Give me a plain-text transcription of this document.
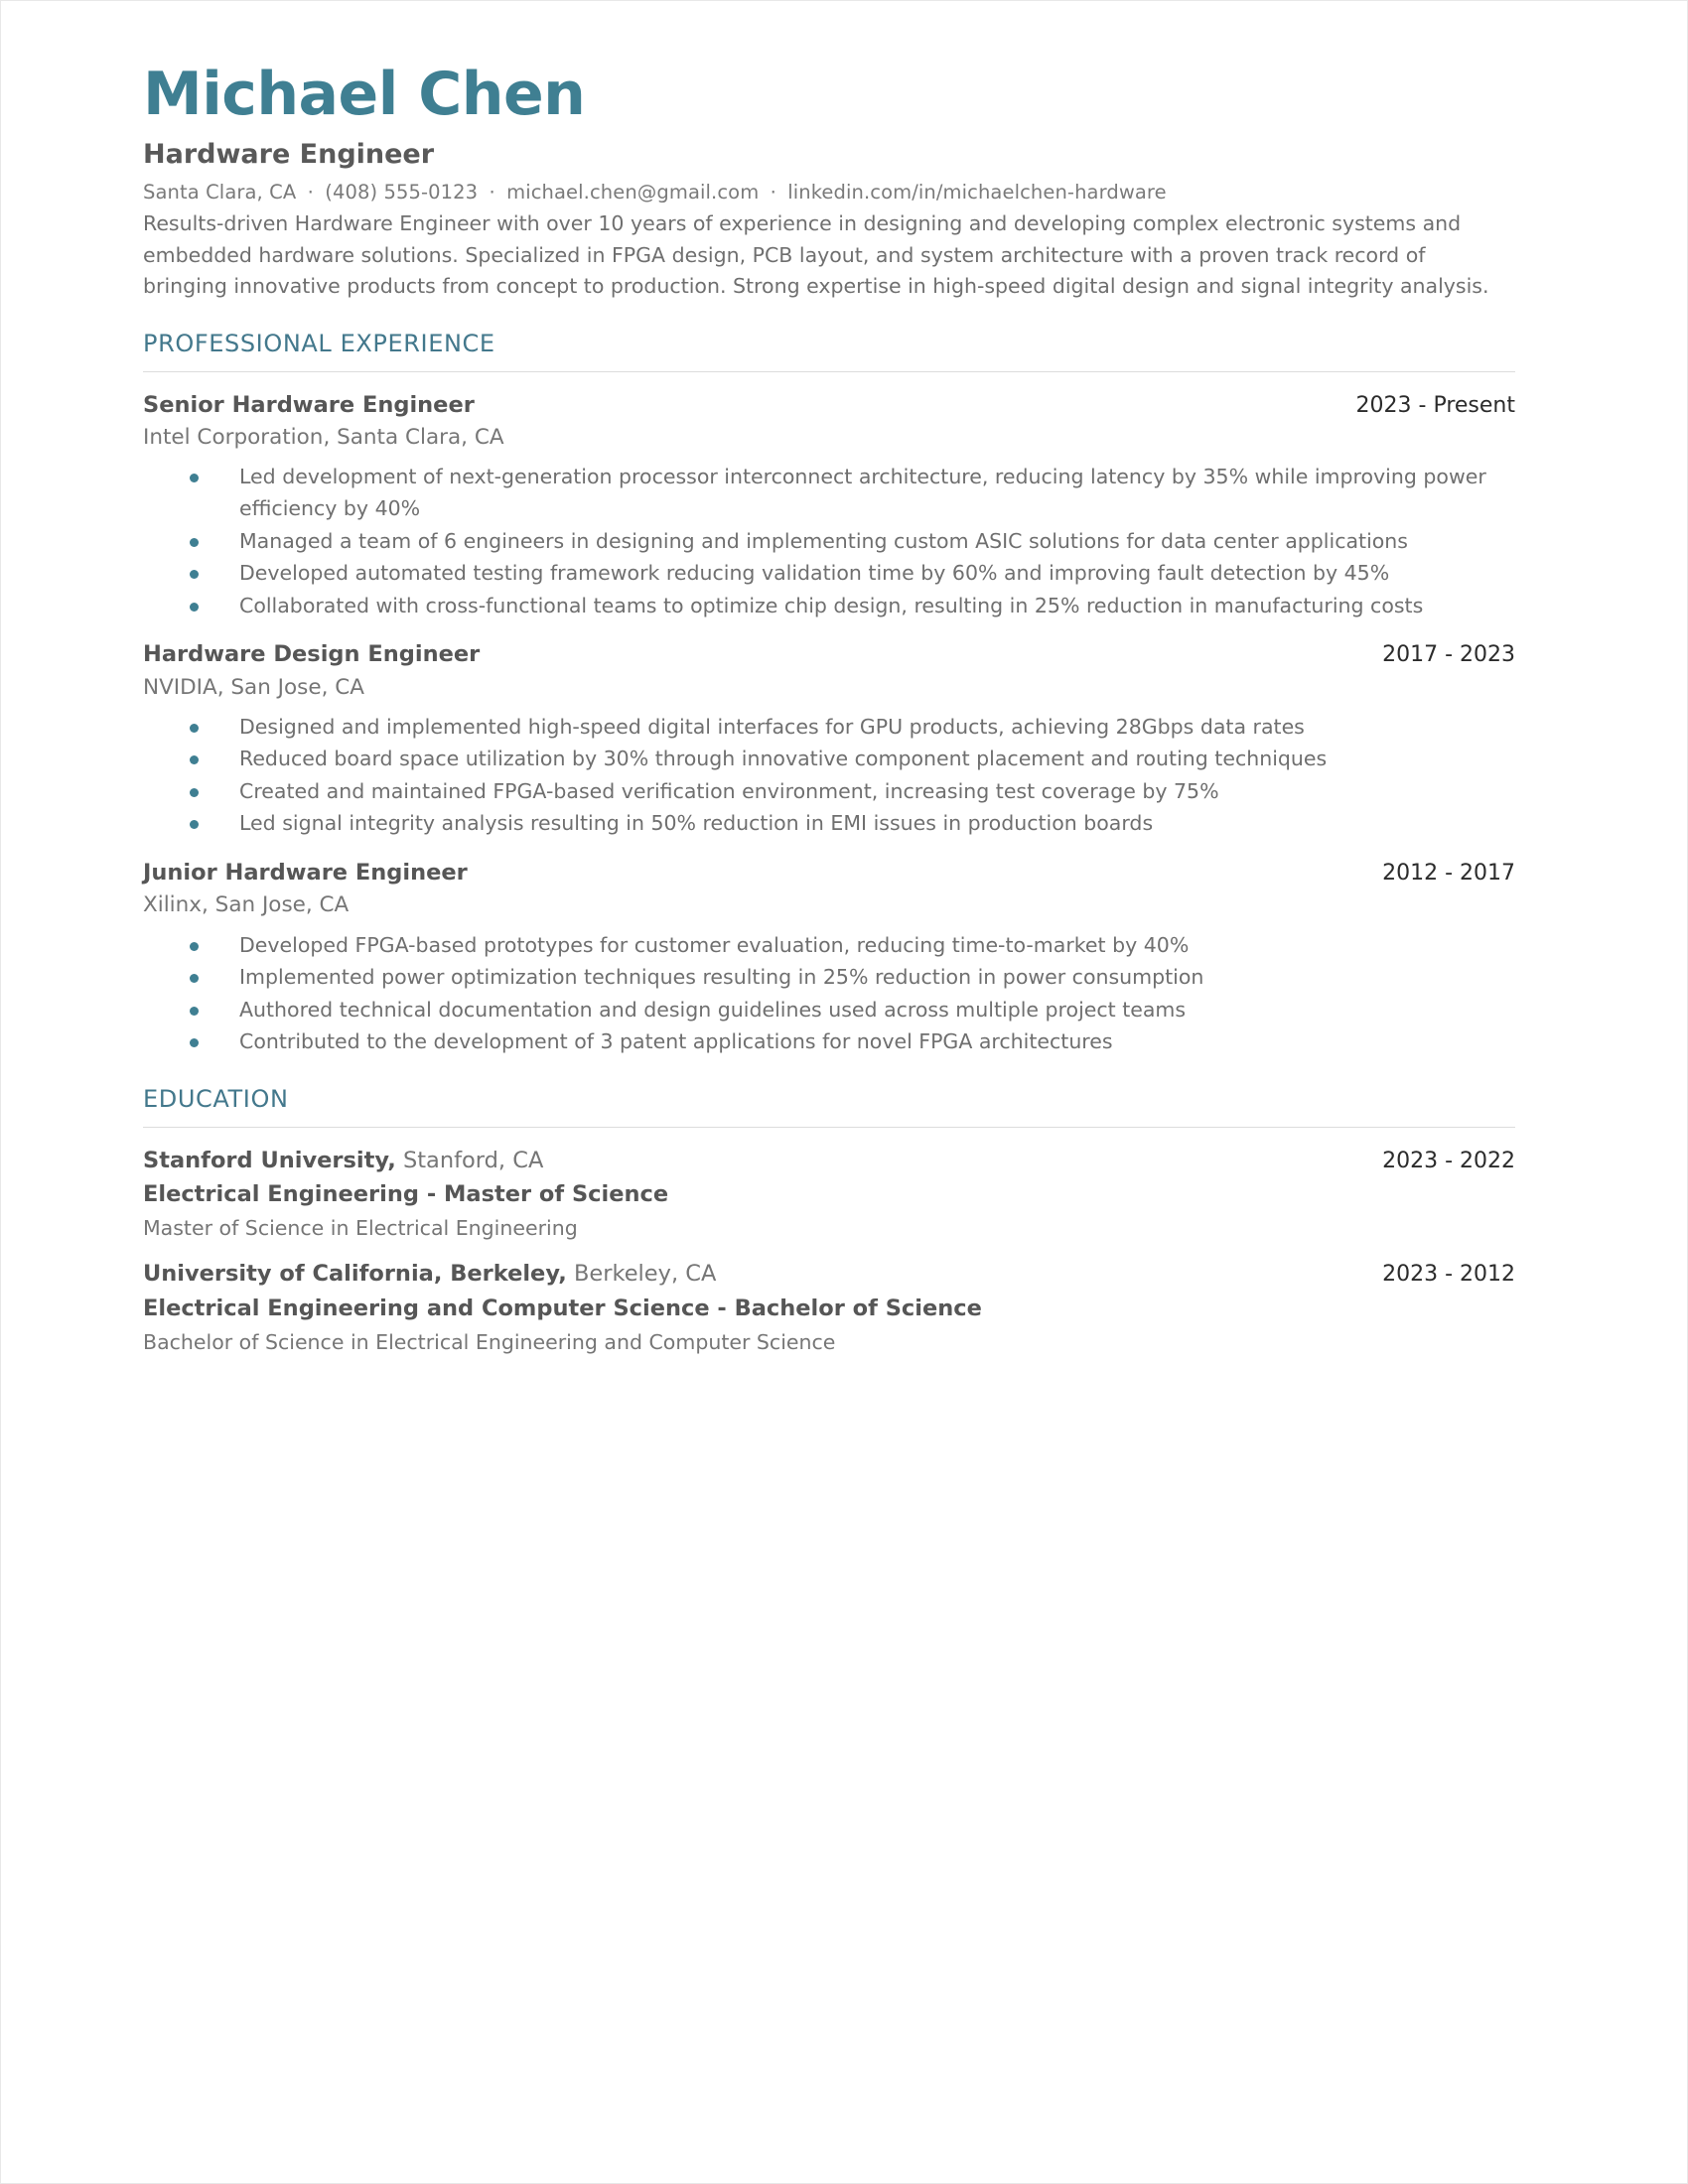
Michael Chen
Hardware Engineer
Santa Clara, CA · (408) 555-0123 · michael.chen@gmail.com · linkedin.com/in/michaelchen-hardware
Results-driven Hardware Engineer with over 10 years of experience in designing and developing complex electronic systems and embedded hardware solutions. Specialized in FPGA design, PCB layout, and system architecture with a proven track record of bringing innovative products from concept to production. Strong expertise in high-speed digital design and signal integrity analysis.
PROFESSIONAL EXPERIENCE
Senior Hardware Engineer	2023 - Present
Intel Corporation, Santa Clara, CA
Led development of next-generation processor interconnect architecture, reducing latency by 35% while improving power efficiency by 40%
Managed a team of 6 engineers in designing and implementing custom ASIC solutions for data center applications
Developed automated testing framework reducing validation time by 60% and improving fault detection by 45%
Collaborated with cross-functional teams to optimize chip design, resulting in 25% reduction in manufacturing costs
Hardware Design Engineer	2017 - 2023
NVIDIA, San Jose, CA
Designed and implemented high-speed digital interfaces for GPU products, achieving 28Gbps data rates
Reduced board space utilization by 30% through innovative component placement and routing techniques
Created and maintained FPGA-based verification environment, increasing test coverage by 75%
Led signal integrity analysis resulting in 50% reduction in EMI issues in production boards
Junior Hardware Engineer	2012 - 2017
Xilinx, San Jose, CA
Developed FPGA-based prototypes for customer evaluation, reducing time-to-market by 40%
Implemented power optimization techniques resulting in 25% reduction in power consumption
Authored technical documentation and design guidelines used across multiple project teams
Contributed to the development of 3 patent applications for novel FPGA architectures
EDUCATION
Stanford University, Stanford, CA	2023 - 2022
Electrical Engineering - Master of Science
Master of Science in Electrical Engineering
University of California, Berkeley, Berkeley, CA	2023 - 2012
Electrical Engineering and Computer Science - Bachelor of Science
Bachelor of Science in Electrical Engineering and Computer Science
